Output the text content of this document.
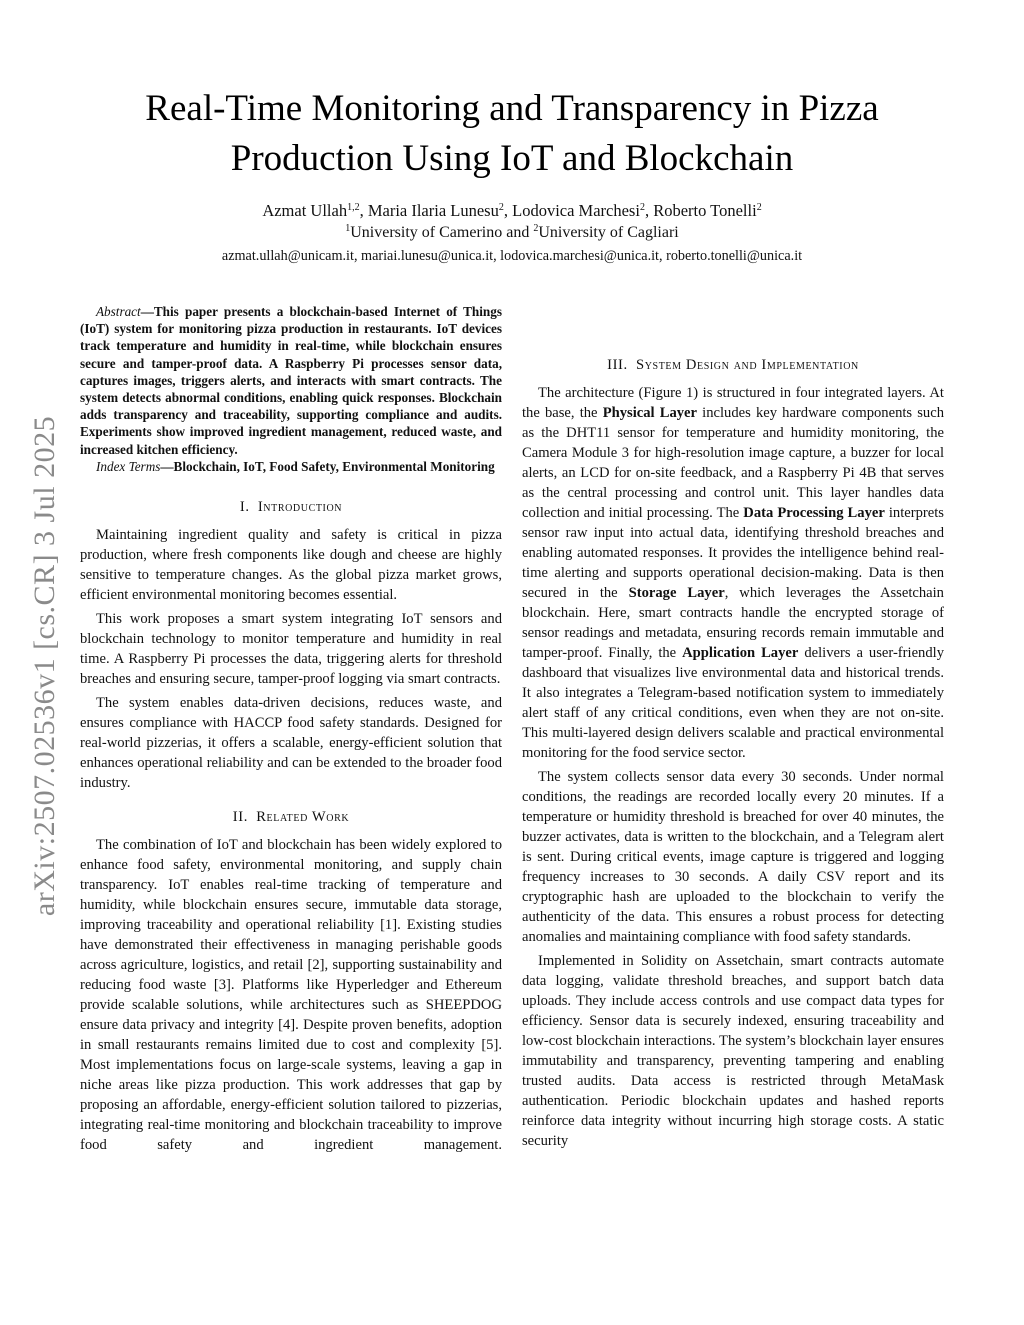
arXiv:2507.02536v1 [cs.CR] 3 Jul 2025
Real-Time Monitoring and Transparency in Pizza Production Using IoT and Blockchain
Azmat Ullah$^{1,2}$, Maria Ilaria Lunesu$^2$, Lodovica Marchesi$^2$, Roberto Tonelli$^2$
$^1$University of Camerino and $^2$University of Cagliari
azmat.ullah@unicam.it, mariai.lunesu@unica.it, lodovica.marchesi@unica.it, roberto.tonelli@unica.it

Abstract—This paper presents a blockchain-based Internet of Things (IoT) system for monitoring pizza production in restaurants. IoT devices track temperature and humidity in real-time, while blockchain ensures secure and tamper-proof data. A Raspberry Pi processes sensor data, captures images, triggers alerts, and interacts with smart contracts. The system detects abnormal conditions, enabling quick responses. Blockchain adds transparency and traceability, supporting compliance and audits. Experiments show improved ingredient management, reduced waste, and increased kitchen efficiency.

Index Terms—Blockchain, IoT, Food Safety, Environmental Monitoring

I. Introduction

Maintaining ingredient quality and safety is critical in pizza production, where fresh components like dough and cheese are highly sensitive to temperature changes. As the global pizza market grows, efficient environmental monitoring becomes essential.

This work proposes a smart system integrating IoT sensors and blockchain technology to monitor temperature and humidity in real time. A Raspberry Pi processes the data, triggering alerts for threshold breaches and ensuring secure, tamper-proof logging via smart contracts.

The system enables data-driven decisions, reduces waste, and ensures compliance with HACCP food safety standards. Designed for real-world pizzerias, it offers a scalable, energy-efficient solution that enhances operational reliability and can be extended to the broader food industry.

II. Related Work

The combination of IoT and blockchain has been widely explored to enhance food safety, environmental monitoring, and supply chain transparency. IoT enables real-time tracking of temperature and humidity, while blockchain ensures secure, immutable data storage, improving traceability and operational reliability [1]. Existing studies have demonstrated their effectiveness in managing perishable goods across agriculture, logistics, and retail [2], supporting sustainability and reducing food waste [3]. Platforms like Hyperledger and Ethereum provide scalable solutions, while architectures such as SHEEPDOG ensure data privacy and integrity [4]. Despite proven benefits, adoption in small restaurants remains limited due to cost and complexity [5]. Most implementations focus on large-scale systems, leaving a gap in niche areas like pizza production. This work addresses that gap by proposing an affordable, energy-efficient solution tailored to pizzerias, integrating real-time monitoring and blockchain traceability to improve food safety and ingredient management.

III. System Design and Implementation

The architecture (Figure 1) is structured in four integrated layers. At the base, the Physical Layer includes key hardware components such as the DHT11 sensor for temperature and humidity monitoring, the Camera Module 3 for high-resolution image capture, a buzzer for local alerts, an LCD for on-site feedback, and a Raspberry Pi 4B that serves as the central processing and control unit. This layer handles data collection and initial processing. The Data Processing Layer interprets sensor raw input into actual data, identifying threshold breaches and enabling automated responses. It provides the intelligence behind real-time alerting and supports operational decision-making. Data is then secured in the Storage Layer, which leverages the Assetchain blockchain. Here, smart contracts handle the encrypted storage of sensor readings and metadata, ensuring records remain immutable and tamper-proof. Finally, the Application Layer delivers a user-friendly dashboard that visualizes live environmental data and historical trends. It also integrates a Telegram-based notification system to immediately alert staff of any critical conditions, even when they are not on-site. This multi-layered design delivers scalable and practical environmental monitoring for the food service sector.

The system collects sensor data every 30 seconds. Under normal conditions, the readings are recorded locally every 20 minutes. If a temperature or humidity threshold is breached for over 40 minutes, the buzzer activates, data is written to the blockchain, and a Telegram alert is sent. During critical events, image capture is triggered and logging frequency increases to 30 seconds. A daily CSV report and its cryptographic hash are uploaded to the blockchain to verify the authenticity of the data. This ensures a robust process for detecting anomalies and maintaining compliance with food safety standards.

Implemented in Solidity on Assetchain, smart contracts automate data logging, validate threshold breaches, and support batch data uploads. They include access controls and use compact data types for efficiency. Sensor data is securely indexed, ensuring traceability and low-cost blockchain interactions. The system’s blockchain layer ensures immutability and transparency, preventing tampering and enabling trusted audits. Data access is restricted through MetaMask authentication. Periodic blockchain updates and hashed reports reinforce data integrity without incurring high storage costs. A static security
